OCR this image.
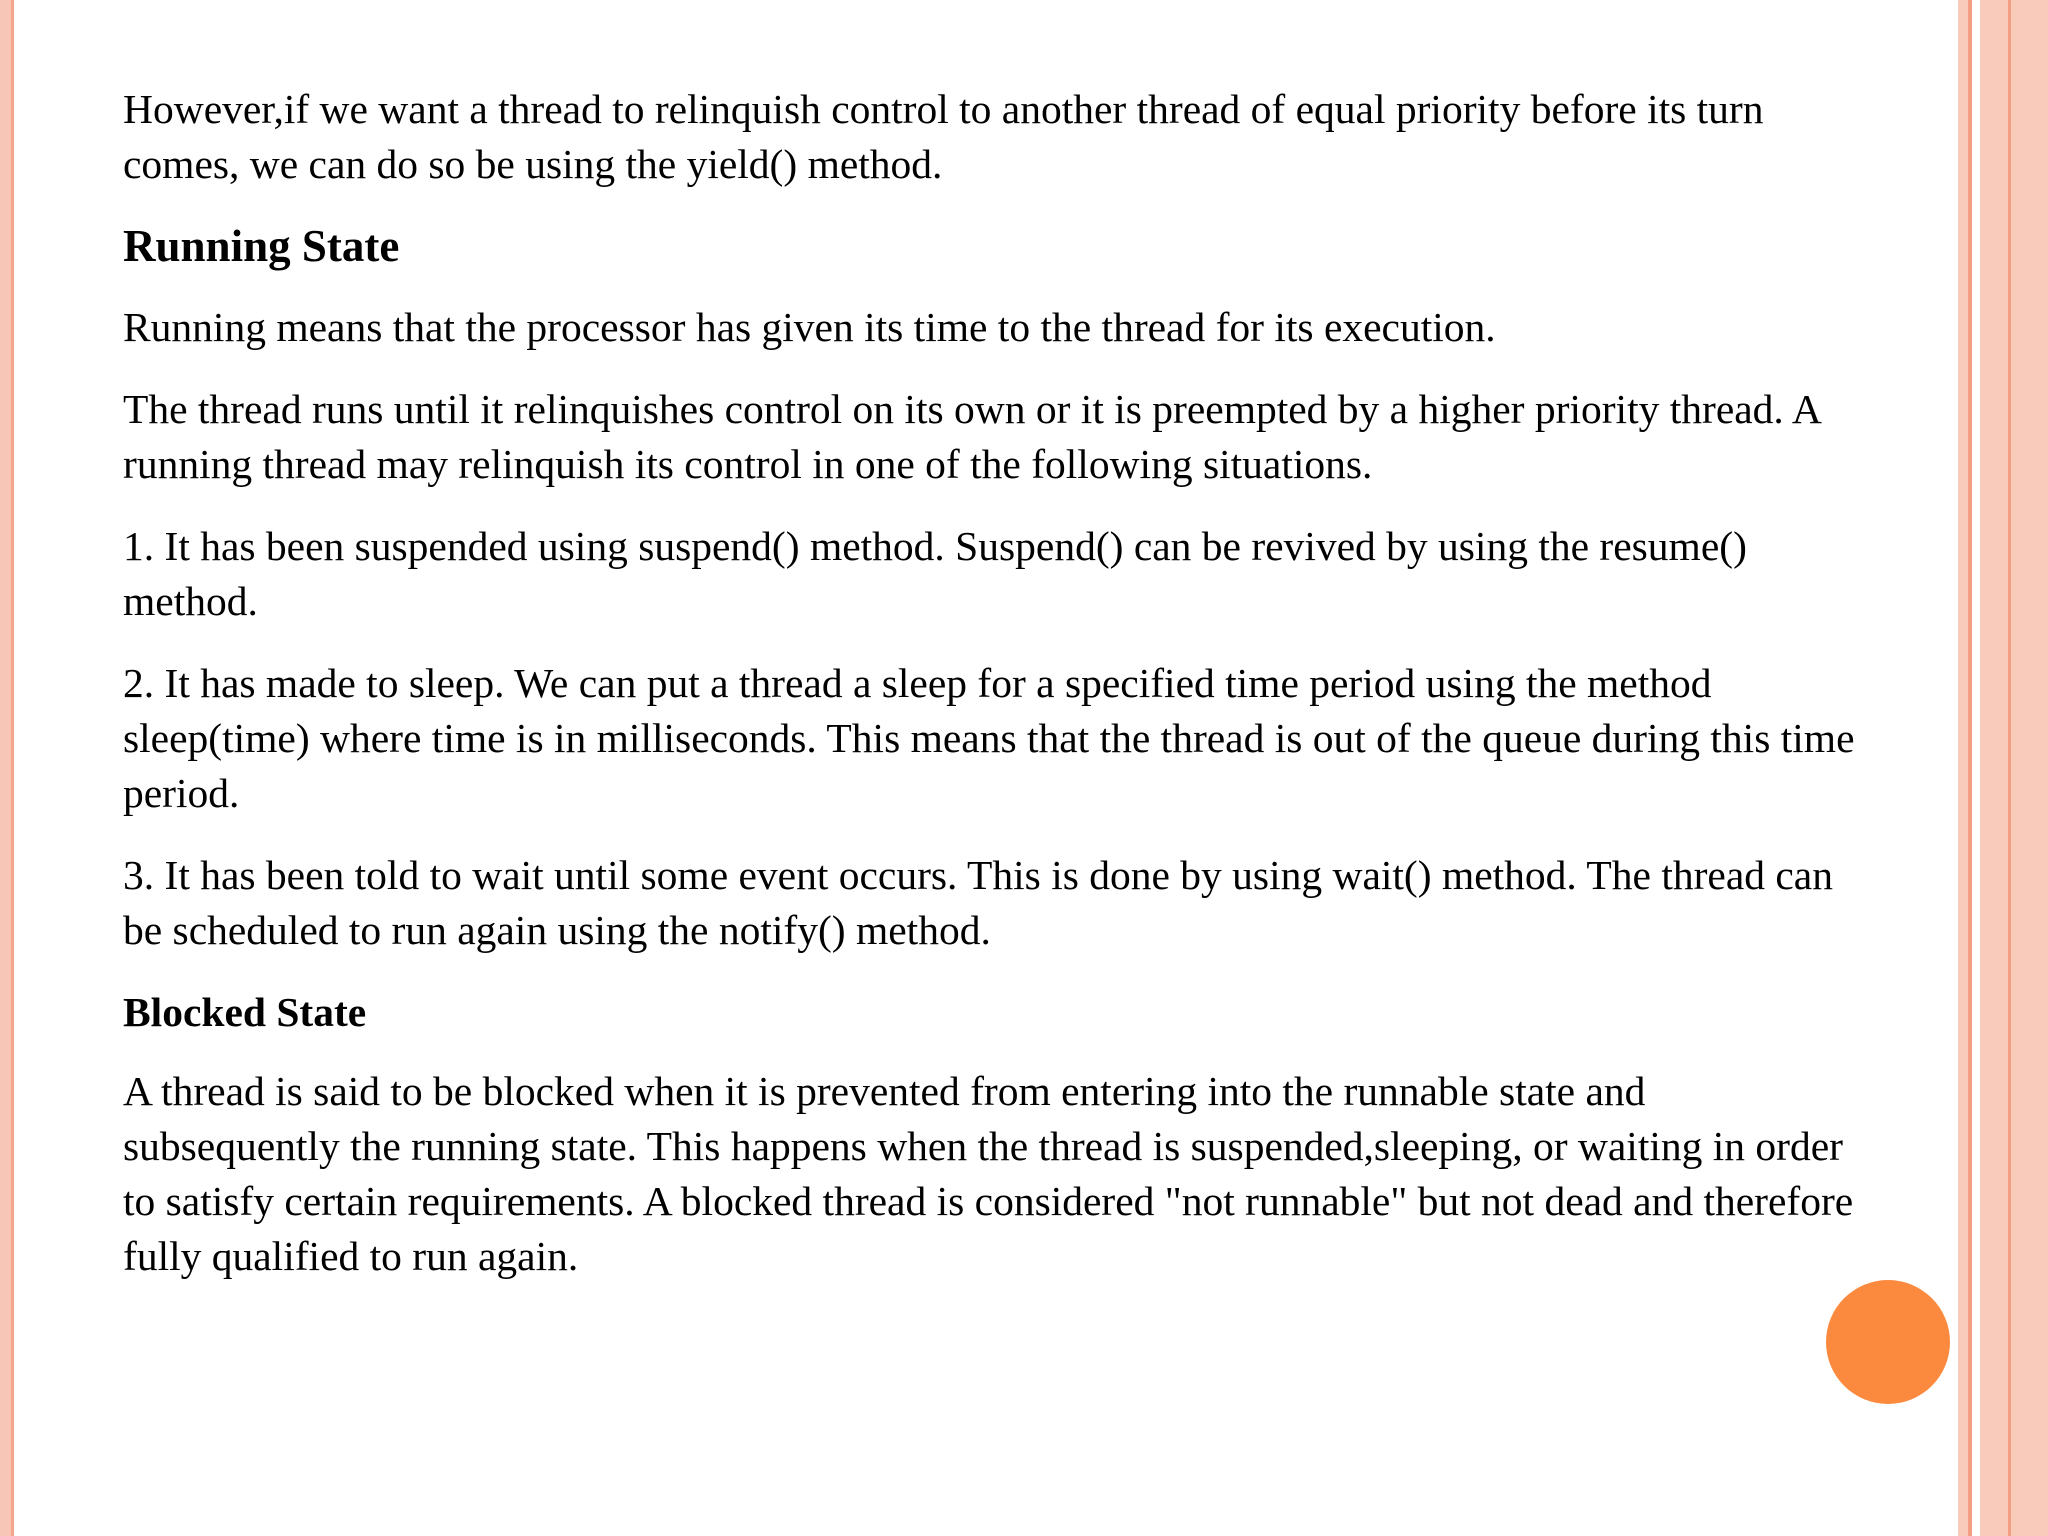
However,if we want a thread to relinquish control to another thread of equal priority before its turn
comes, we can do so be using the yield() method.

Running State

Running means that the processor has given its time to the thread for its execution.

The thread runs until it relinquishes control on its own or it is preempted by a higher priority thread. A
running thread may relinquish its control in one of the following situations.

1. It has been suspended using suspend() method. Suspend() can be revived by using the resume()
method.

2. It has made to sleep. We can put a thread a sleep for a specified time period using the method
sleep(time) where time is in milliseconds. This means that the thread is out of the queue during this time
period.

3. It has been told to wait until some event occurs. This is done by using wait() method. The thread can
be scheduled to run again using the notify() method.

Blocked State

A thread is said to be blocked when it is prevented from entering into the runnable state and
subsequently the running state. This happens when the thread is suspended,sleeping, or waiting in order
to satisfy certain requirements. A blocked thread is considered "not runnable" but not dead and therefore
fully qualified to run again.
